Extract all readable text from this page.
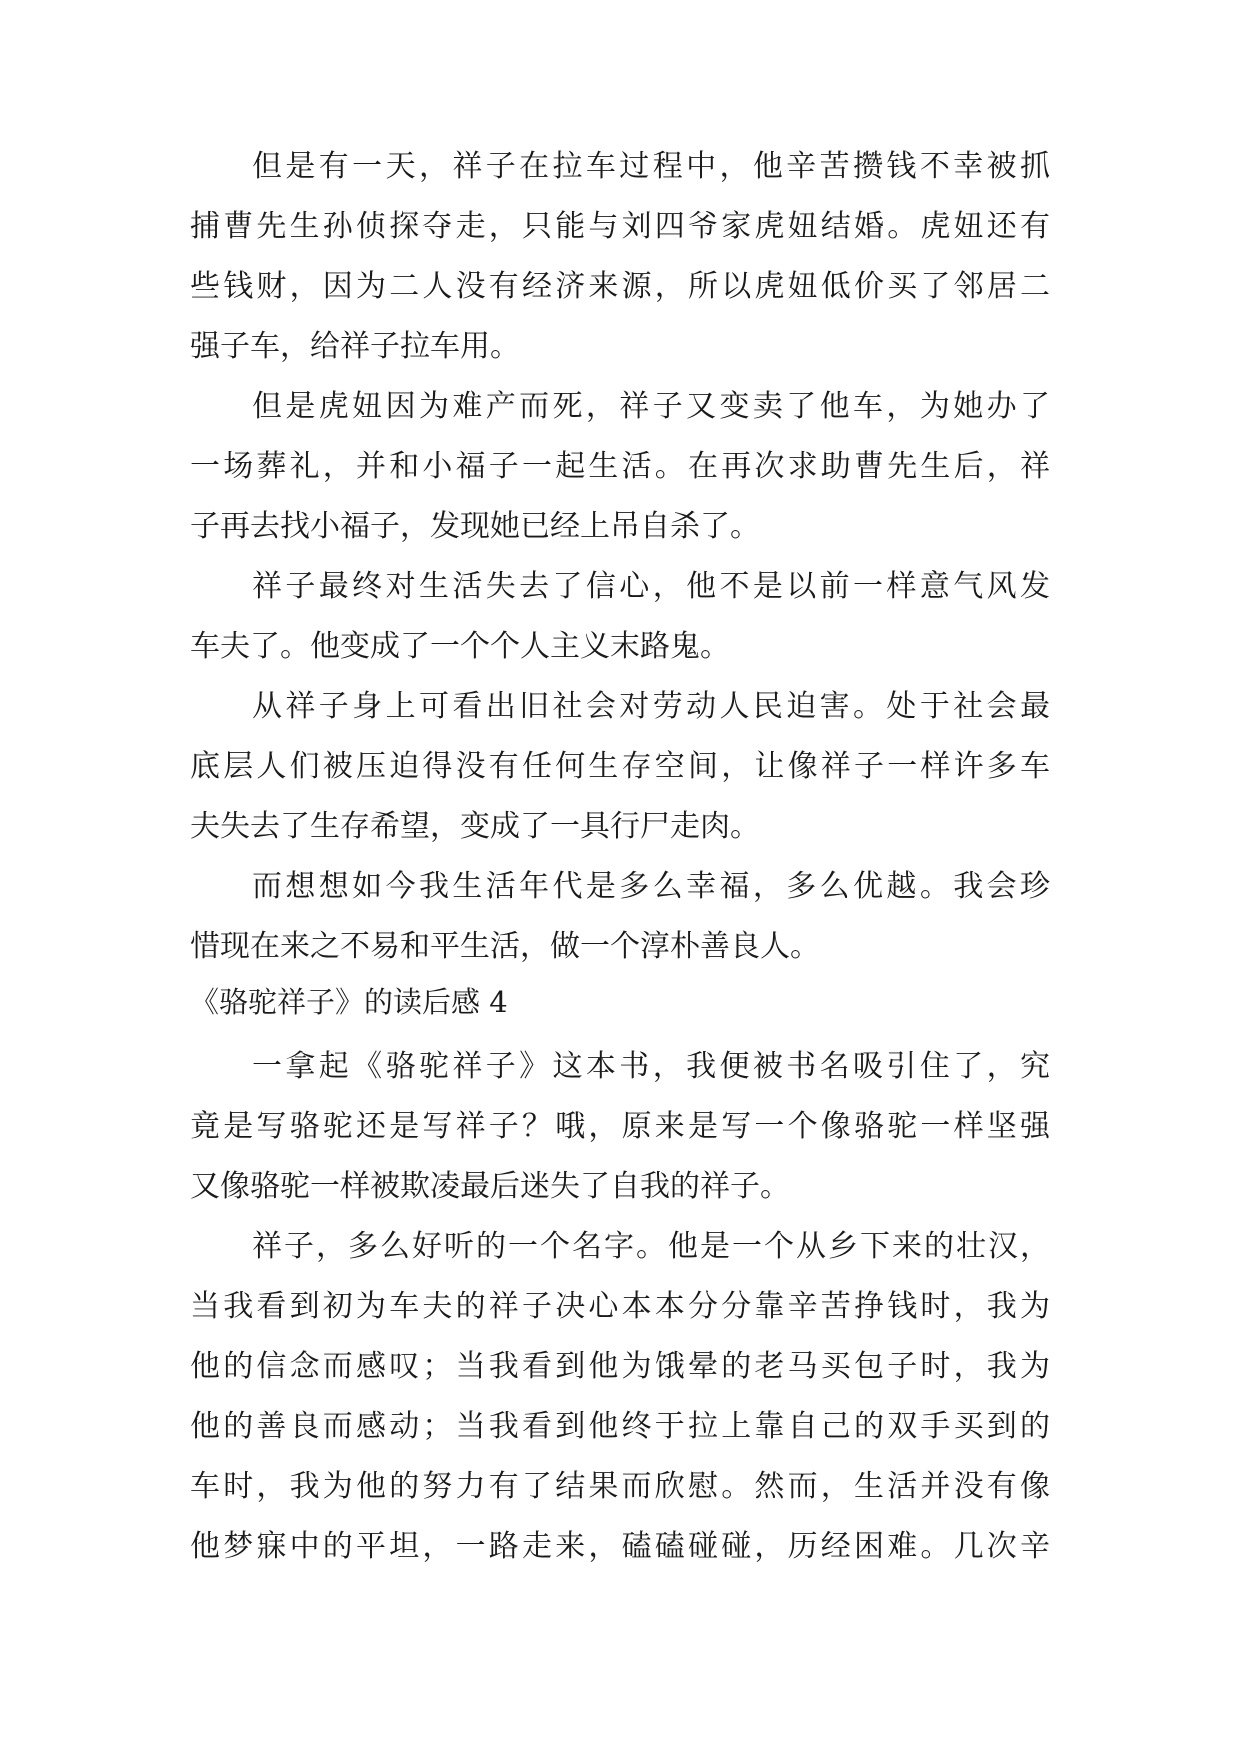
但是有一天，祥子在拉车过程中，他辛苦攒钱不幸被抓
捕曹先生孙侦探夺走，只能与刘四爷家虎妞结婚。虎妞还有
些钱财，因为二人没有经济来源，所以虎妞低价买了邻居二
强子车，给祥子拉车用。
但是虎妞因为难产而死，祥子又变卖了他车，为她办了
一场葬礼，并和小福子一起生活。在再次求助曹先生后，祥
子再去找小福子，发现她已经上吊自杀了。
祥子最终对生活失去了信心，他不是以前一样意气风发
车夫了。他变成了一个个人主义末路鬼。
从祥子身上可看出旧社会对劳动人民迫害。处于社会最
底层人们被压迫得没有任何生存空间，让像祥子一样许多车
夫失去了生存希望，变成了一具行尸走肉。
而想想如今我生活年代是多么幸福，多么优越。我会珍
惜现在来之不易和平生活，做一个淳朴善良人。
《骆驼祥子》的读后感 4
一拿起《骆驼祥子》这本书，我便被书名吸引住了，究
竟是写骆驼还是写祥子？哦，原来是写一个像骆驼一样坚强
又像骆驼一样被欺凌最后迷失了自我的祥子。
祥子，多么好听的一个名字。他是一个从乡下来的壮汉，
当我看到初为车夫的祥子决心本本分分靠辛苦挣钱时，我为
他的信念而感叹；当我看到他为饿晕的老马买包子时，我为
他的善良而感动；当我看到他终于拉上靠自己的双手买到的
车时，我为他的努力有了结果而欣慰。然而，生活并没有像
他梦寐中的平坦，一路走来，磕磕碰碰，历经困难。几次辛
